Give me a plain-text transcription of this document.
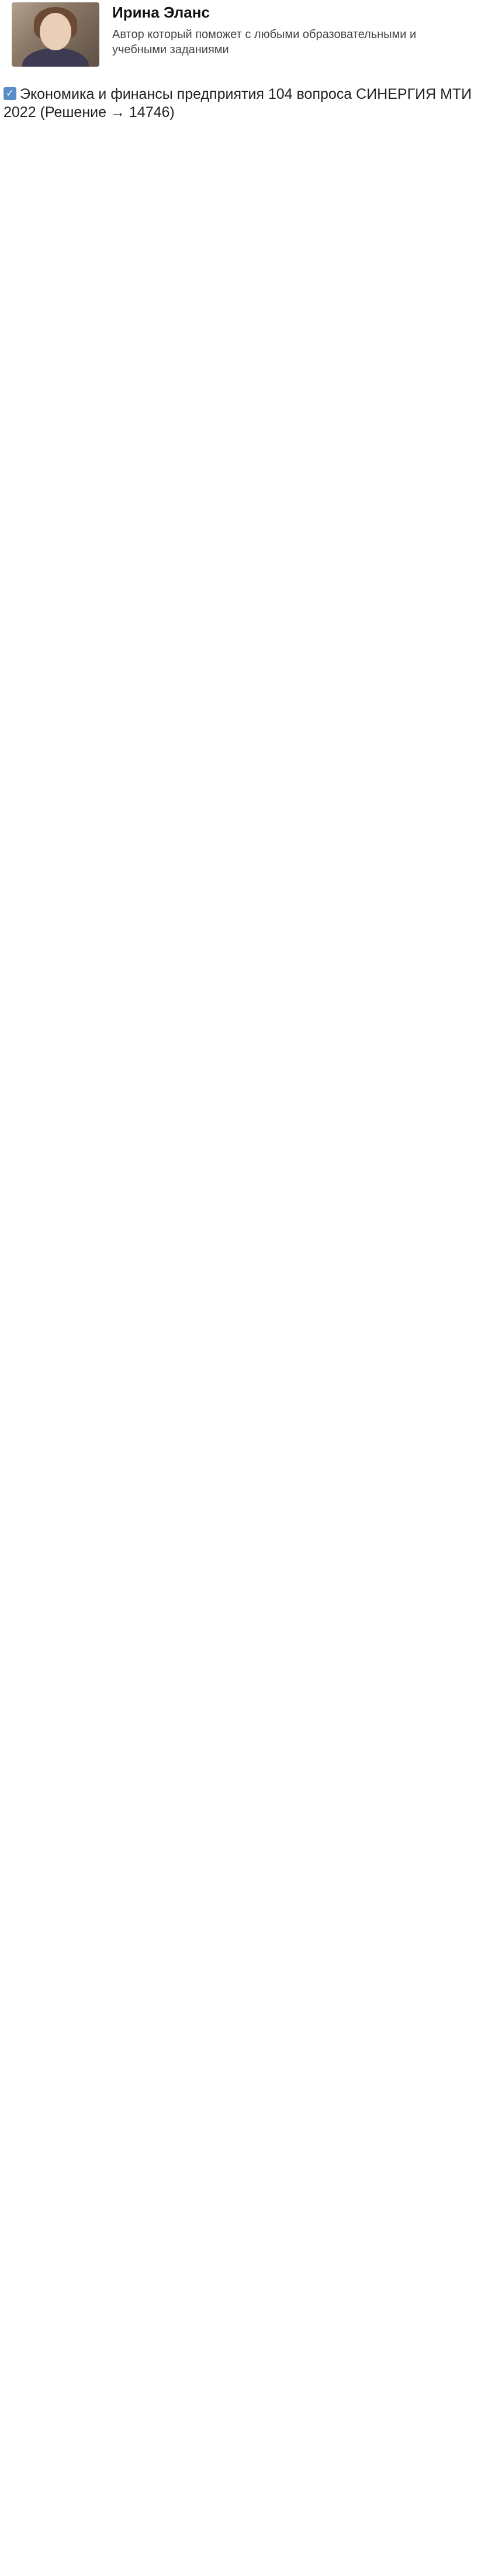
Ирина Эланс
Автор который поможет с любыми образовательными и учебными заданиями
✓ Экономика и финансы предприятия 104 вопроса СИНЕРГИЯ МТИ 2022 (Решение → 14746)
